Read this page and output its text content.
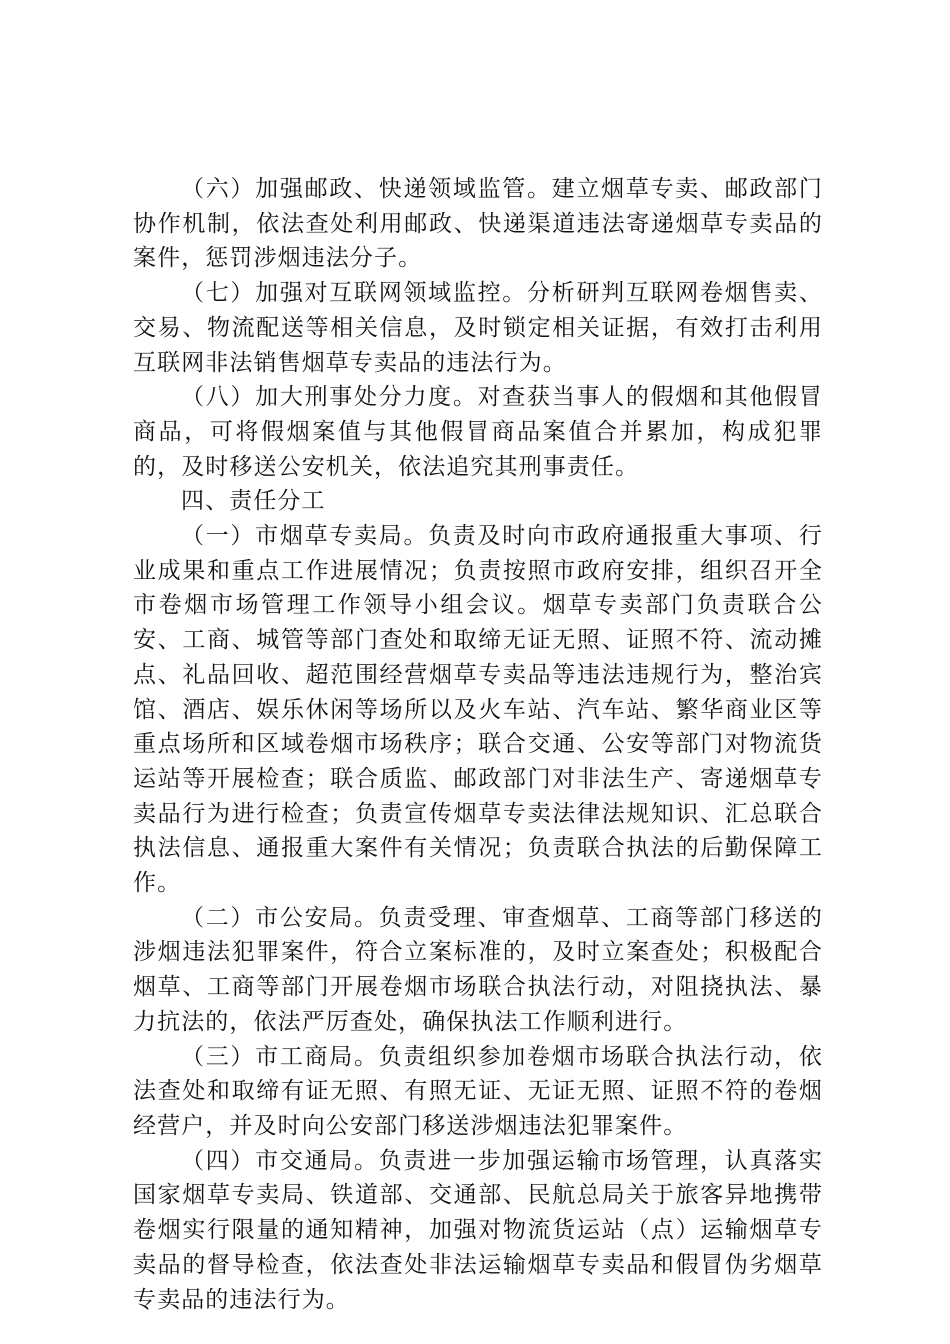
（六）加强邮政、快递领域监管。建立烟草专卖、邮政部门协作机制，依法查处利用邮政、快递渠道违法寄递烟草专卖品的案件，惩罚涉烟违法分子。

（七）加强对互联网领域监控。分析研判互联网卷烟售卖、交易、物流配送等相关信息，及时锁定相关证据，有效打击利用互联网非法销售烟草专卖品的违法行为。

（八）加大刑事处分力度。对查获当事人的假烟和其他假冒商品，可将假烟案值与其他假冒商品案值合并累加，构成犯罪的，及时移送公安机关，依法追究其刑事责任。

四、责任分工

（一）市烟草专卖局。负责及时向市政府通报重大事项、行业成果和重点工作进展情况；负责按照市政府安排，组织召开全市卷烟市场管理工作领导小组会议。烟草专卖部门负责联合公安、工商、城管等部门查处和取缔无证无照、证照不符、流动摊点、礼品回收、超范围经营烟草专卖品等违法违规行为，整治宾馆、酒店、娱乐休闲等场所以及火车站、汽车站、繁华商业区等重点场所和区域卷烟市场秩序；联合交通、公安等部门对物流货运站等开展检查；联合质监、邮政部门对非法生产、寄递烟草专卖品行为进行检查；负责宣传烟草专卖法律法规知识、汇总联合执法信息、通报重大案件有关情况；负责联合执法的后勤保障工作。

（二）市公安局。负责受理、审查烟草、工商等部门移送的涉烟违法犯罪案件，符合立案标准的，及时立案查处；积极配合烟草、工商等部门开展卷烟市场联合执法行动，对阻挠执法、暴力抗法的，依法严厉查处，确保执法工作顺利进行。

（三）市工商局。负责组织参加卷烟市场联合执法行动，依法查处和取缔有证无照、有照无证、无证无照、证照不符的卷烟经营户，并及时向公安部门移送涉烟违法犯罪案件。

（四）市交通局。负责进一步加强运输市场管理，认真落实国家烟草专卖局、铁道部、交通部、民航总局关于旅客异地携带卷烟实行限量的通知精神，加强对物流货运站（点）运输烟草专卖品的督导检查，依法查处非法运输烟草专卖品和假冒伪劣烟草专卖品的违法行为。
